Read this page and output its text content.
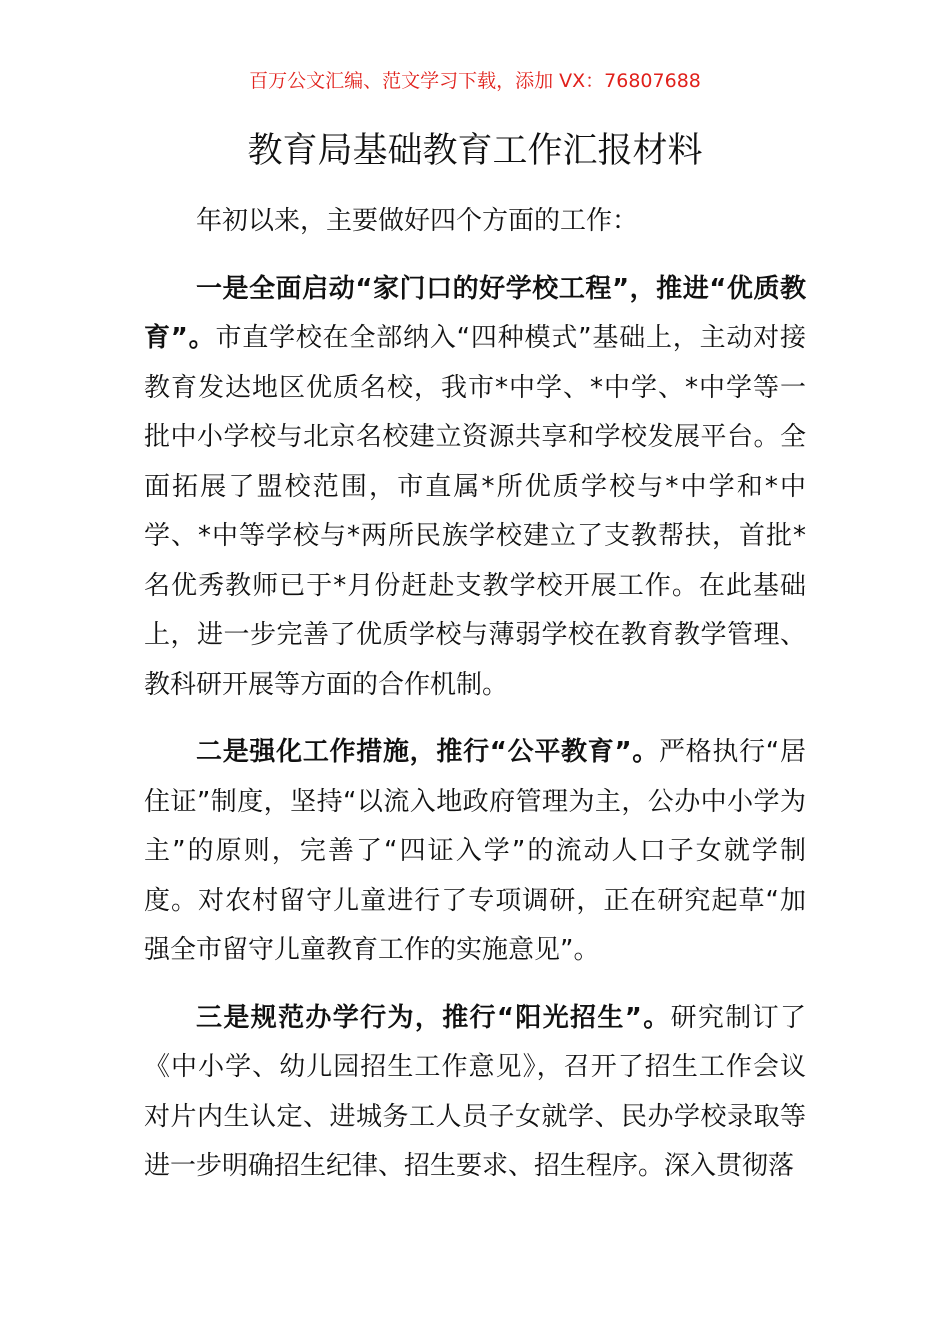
百万公文汇编、范文学习下载，添加 VX：76807688
教育局基础教育工作汇报材料

年初以来，主要做好四个方面的工作：

一是全面启动“家门口的好学校工程”，推进“优质教育”。市直学校在全部纳入“四种模式”基础上，主动对接教育发达地区优质名校，我市*中学、*中学、*中学等一批中小学校与北京名校建立资源共享和学校发展平台。全面拓展了盟校范围，市直属*所优质学校与*中学和*中学、*中等学校与*两所民族学校建立了支教帮扶，首批*名优秀教师已于*月份赶赴支教学校开展工作。在此基础上，进一步完善了优质学校与薄弱学校在教育教学管理、教科研开展等方面的合作机制。

二是强化工作措施，推行“公平教育”。严格执行“居住证”制度，坚持“以流入地政府管理为主，公办中小学为主”的原则，完善了“四证入学”的流动人口子女就学制度。对农村留守儿童进行了专项调研，正在研究起草“加强全市留守儿童教育工作的实施意见”。

三是规范办学行为，推行“阳光招生”。研究制订了《中小学、幼儿园招生工作意见》，召开了招生工作会议对片内生认定、进城务工人员子女就学、民办学校录取等进一步明确招生纪律、招生要求、招生程序。深入贯彻落
